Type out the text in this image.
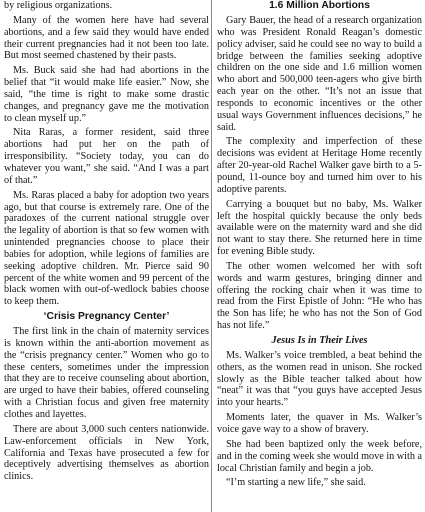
by religious organizations.

Many of the women here have had several abortions, and a few said they would have ended their current pregnancies had it not been too late. But most seemed chastened by their pasts.

Ms. Buck said she had had abortions in the belief that “it would make life easier.” Now, she said, “the time is right to make some drastic changes, and pregnancy gave me the motivation to clean myself up.”

Nita Raras, a former resident, said three abortions had put her on the path of irresponsibility. “Society today, you can do whatever you want,” she said. “And I was a part of that.”

Ms. Raras placed a baby for adoption two years ago, but that course is extremely rare. One of the paradoxes of the current national struggle over the legality of abortion is that so few women with unintended pregnancies choose to place their babies for adoption, while legions of families are seeking adoptive children. Mr. Pierce said 90 percent of the white women and 99 percent of the black women with out-of-wedlock babies choose to keep them.

‘Crisis Pregnancy Center’

The first link in the chain of maternity services is known within the anti-abortion movement as the “crisis pregnancy center.” Women who go to these centers, sometimes under the impression that they are to receive counseling about abortion, are urged to have their babies, offered counseling with a Christian focus and given free maternity clothes and layettes.

There are about 3,000 such centers nationwide. Law-enforcement officials in New York, California and Texas have prosecuted a few for deceptively advertising themselves as abortion clinics.

1.6 Million Abortions

Gary Bauer, the head of a research organization who was President Ronald Reagan’s domestic policy adviser, said he could see no way to build a bridge between the families seeking adoptive children on the one side and 1.6 million women who abort and 500,000 teen-agers who give birth each year on the other. “It’s not an issue that responds to economic incentives or the other usual ways Government influences decisions,” he said.

The complexity and imperfection of these decisions was evident at Heritage Home recently after 20-year-old Rachel Walker gave birth to a 5-pound, 11-ounce boy and turned him over to his adoptive parents.

Carrying a bouquet but no baby, Ms. Walker left the hospital quickly because the only beds available were on the maternity ward and she did not want to stay there. She returned here in time for evening Bible study.

The other women welcomed her with soft words and warm gestures, bringing dinner and offering the rocking chair when it was time to read from the First Epistle of John: “He who has the Son has life; he who has not the Son of God has not life.”

Jesus Is in Their Lives

Ms. Walker’s voice trembled, a beat behind the others, as the women read in unison. She rocked slowly as the Bible teacher talked about how “neat” it was that “you guys have accepted Jesus into your hearts.”

Moments later, the quaver in Ms. Walker’s voice gave way to a show of bravery.

She had been baptized only the week before, and in the coming week she would move in with a local Christian family and begin a job.

“I’m starting a new life,” she said.
